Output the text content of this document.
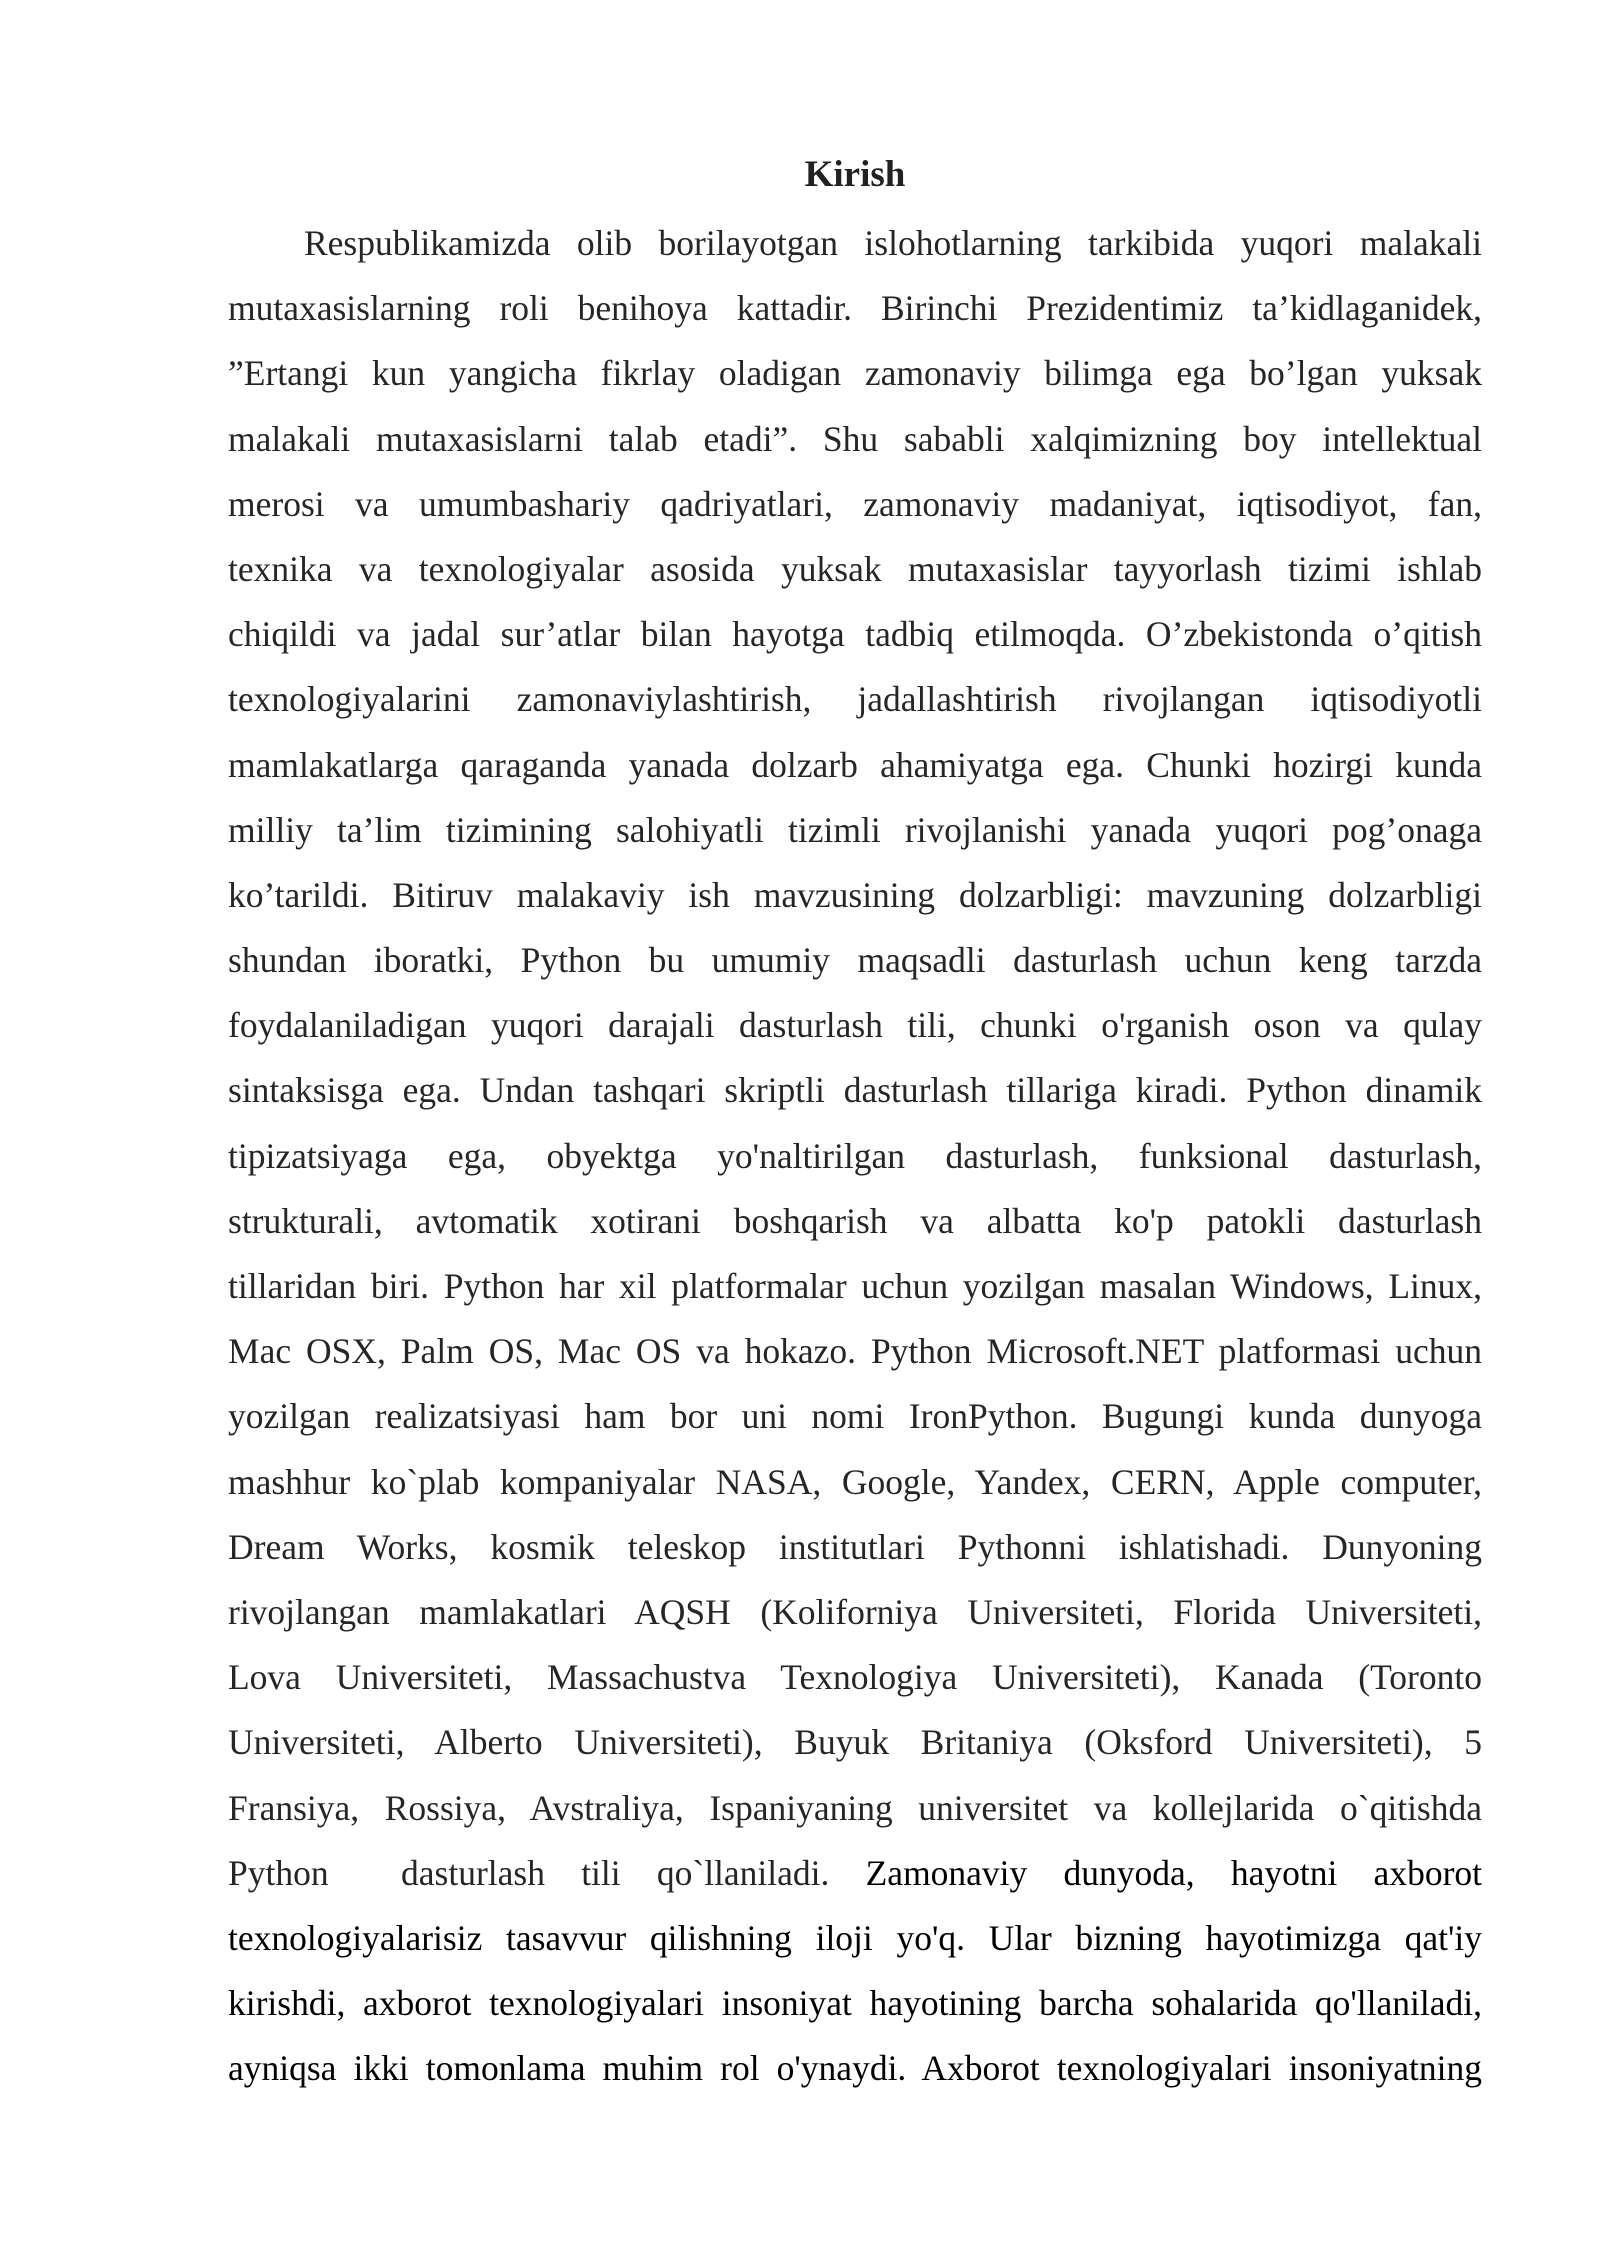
Kirish
Respublikamizda olib borilayotgan islohotlarning tarkibida yuqori malakali
mutaxasislarning roli benihoya kattadir. Birinchi Prezidentimiz ta’kidlaganidek,
”Ertangi kun yangicha fikrlay oladigan zamonaviy bilimga ega bo’lgan yuksak
malakali mutaxasislarni talab etadi”. Shu sababli xalqimizning boy intellektual
merosi va umumbashariy qadriyatlari, zamonaviy madaniyat, iqtisodiyot, fan,
texnika va texnologiyalar asosida yuksak mutaxasislar tayyorlash tizimi ishlab
chiqildi va jadal sur’atlar bilan hayotga tadbiq etilmoqda. O’zbekistonda o’qitish
texnologiyalarini zamonaviylashtirish, jadallashtirish rivojlangan iqtisodiyotli
mamlakatlarga qaraganda yanada dolzarb ahamiyatga ega. Chunki hozirgi kunda
milliy ta’lim tizimining salohiyatli tizimli rivojlanishi yanada yuqori pog’onaga
ko’tarildi. Bitiruv malakaviy ish mavzusining dolzarbligi: mavzuning dolzarbligi
shundan iboratki, Python bu umumiy maqsadli dasturlash uchun keng tarzda
foydalaniladigan yuqori darajali dasturlash tili, chunki o'rganish oson va qulay
sintaksisga ega. Undan tashqari skriptli dasturlash tillariga kiradi. Python dinamik
tipizatsiyaga ega, obyektga yo'naltirilgan dasturlash, funksional dasturlash,
strukturali, avtomatik xotirani boshqarish va albatta ko'p patokli dasturlash
tillaridan biri. Python har xil platformalar uchun yozilgan masalan Windows, Linux,
Mac OSX, Palm OS, Mac OS va hokazo. Python Microsoft.NET platformasi uchun
yozilgan realizatsiyasi ham bor uni nomi IronPython. Bugungi kunda dunyoga
mashhur ko`plab kompaniyalar NASA, Google, Yandex, CERN, Apple computer,
Dream Works, kosmik teleskop institutlari Pythonni ishlatishadi. Dunyoning
rivojlangan mamlakatlari AQSH (Koliforniya Universiteti, Florida Universiteti,
Lova Universiteti, Massachustva Texnologiya Universiteti), Kanada (Toronto
Universiteti, Alberto Universiteti), Buyuk Britaniya (Oksford Universiteti), 5
Fransiya, Rossiya, Avstraliya, Ispaniyaning universitet va kollejlarida o`qitishda
Python  dasturlash tili qo`llaniladi. Zamonaviy dunyoda, hayotni axborot
texnologiyalarisiz tasavvur qilishning iloji yo'q. Ular bizning hayotimizga qat'iy
kirishdi, axborot texnologiyalari insoniyat hayotining barcha sohalarida qo'llaniladi,
ayniqsa ikki tomonlama muhim rol o'ynaydi. Axborot texnologiyalari insoniyatning
